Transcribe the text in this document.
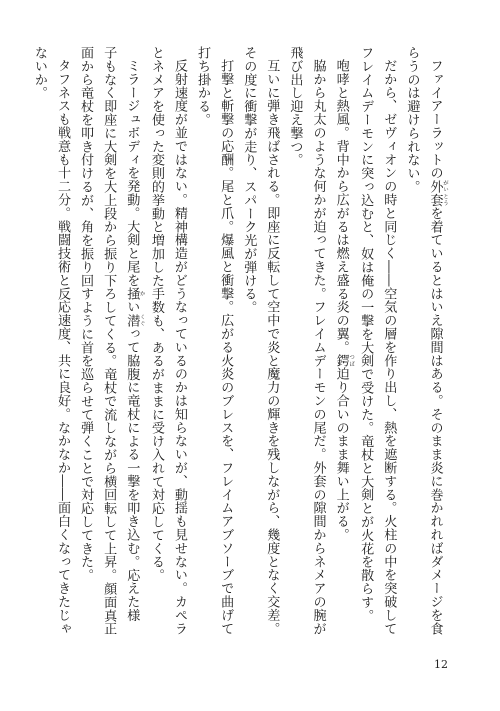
ファイアーラットの外套 がいとうを着ているとはいえ隙間はある。そのまま炎に巻かれればダメージを食
らうのは避けられない。
だから、ゼヴィオンの時と同じく――空気の層を作り出し、熱を遮断する。火柱の中を突破して
フレイムデーモンに突っ込むと、奴は俺の一撃を大剣で受けた。竜杖と大剣とが火花を散らす。
咆哮と熱風。背中から広がるは燃え盛る炎の翼。鍔 つば迫り合いのまま舞い上がる。
脇から丸太のような何かが迫ってきた。フレイムデーモンの尾だ。外套の隙間からネメアの腕が
飛び出し迎え撃つ。
互いに弾き飛ばされる。即座に反転して空中で炎と魔力の輝きを残しながら、幾度となく交差。
その度に衝撃が走り、スパーク光が弾ける。
打撃と斬撃の応酬。尾と爪。爆風と衝撃。広がる火炎のブレスを、フレイムアブソーブで曲げて
打ち掛かる。
反射速度が並ではない。精神構造がどうなっているのかは知らないが、動揺も見せない。カペラ
とネメアを使った変則的挙動と増加した手数も、あるがままに受け入れて対応してくる。
ミラージュボディを発動。大剣と尾を掻 かい潜 くぐって脇腹に竜杖による一撃を叩き込む。応えた様
子もなく即座に大剣を大上段から振り下ろしてくる。竜杖で流しながら横回転して上昇。顔面真正
面から竜杖を叩き付けるが、角を振り回すように首を巡らせて弾くことで対応してきた。
タフネスも戦意も十二分。戦闘技術と反応速度、共に良好。なかなか――面白くなってきたじゃ
ないか。
12
